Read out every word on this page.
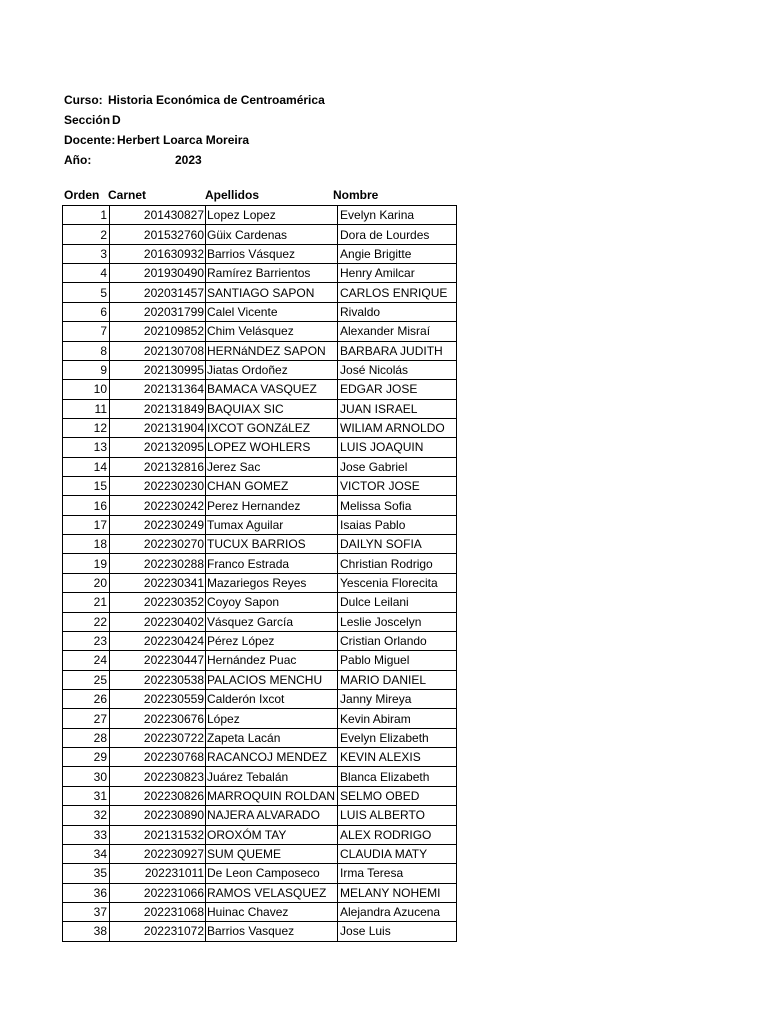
Curso: Historia Económica de Centroamérica
Sección D
Docente: Herbert Loarca Moreira
Año:	2023
Orden Carnet	Apellidos	Nombre
1	201430827	Lopez Lopez	Evelyn Karina
2	201532760	Güix Cardenas	Dora de Lourdes
3	201630932	Barrios Vásquez	Angie Brigitte
4	201930490	Ramírez Barrientos	Henry Amilcar
5	202031457	SANTIAGO SAPON	CARLOS ENRIQUE
6	202031799	Calel Vicente	Rivaldo
7	202109852	Chim Velásquez	Alexander Misraí
8	202130708	HERNáNDEZ SAPON	BARBARA JUDITH
9	202130995	Jiatas Ordoñez	José Nicolás
10	202131364	BAMACA VASQUEZ	EDGAR JOSE
11	202131849	BAQUIAX SIC	JUAN ISRAEL
12	202131904	IXCOT GONZáLEZ	WILIAM ARNOLDO
13	202132095	LOPEZ WOHLERS	LUIS JOAQUIN
14	202132816	Jerez Sac	Jose Gabriel
15	202230230	CHAN GOMEZ	VICTOR JOSE
16	202230242	Perez Hernandez	Melissa Sofia
17	202230249	Tumax Aguilar	Isaias Pablo
18	202230270	TUCUX BARRIOS	DAILYN SOFIA
19	202230288	Franco Estrada	Christian Rodrigo
20	202230341	Mazariegos Reyes	Yescenia Florecita
21	202230352	Coyoy Sapon	Dulce Leilani
22	202230402	Vásquez García	Leslie Joscelyn
23	202230424	Pérez López	Cristian Orlando
24	202230447	Hernández Puac	Pablo Miguel
25	202230538	PALACIOS MENCHU	MARIO DANIEL
26	202230559	Calderón Ixcot	Janny Mireya
27	202230676	López	Kevin Abiram
28	202230722	Zapeta Lacán	Evelyn Elizabeth
29	202230768	RACANCOJ MENDEZ	KEVIN ALEXIS
30	202230823	Juárez Tebalán	Blanca Elizabeth
31	202230826	MARROQUIN ROLDAN	SELMO OBED
32	202230890	NAJERA ALVARADO	LUIS ALBERTO
33	202131532	OROXÓM TAY	ALEX RODRIGO
34	202230927	SUM QUEME	CLAUDIA MATY
35	202231011	De Leon Camposeco	Irma Teresa
36	202231066	RAMOS VELASQUEZ	MELANY NOHEMI
37	202231068	Huinac Chavez	Alejandra Azucena
38	202231072	Barrios Vasquez	Jose Luis
